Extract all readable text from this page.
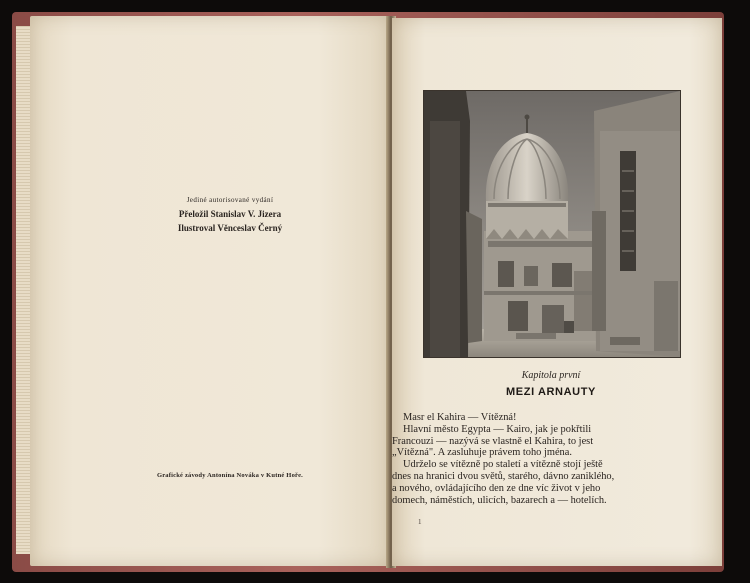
Jediné autorisované vydání
Přeložil Stanislav V. Jizera
Ilustroval Věnceslav Černý
Grafické závody Antonína Nováka v Kutné Hoře.
Kapitola první
MEZI ARNAUTY
Masr el Kahira — Vítězná!
Hlavní město Egypta — Kairo, jak je pokřtili
Francouzi — nazývá se vlastně el Kahira, to jest
„Vítězná". A zasluhuje právem toho jména.
Udrželo se vítězně po staletí a vítězně stojí ještě
dnes na hranici dvou světů, starého, dávno zaniklého,
a nového, ovládajícího den ze dne víc život v jeho
domech, náměstích, ulicích, bazarech a — hotelích.
1
